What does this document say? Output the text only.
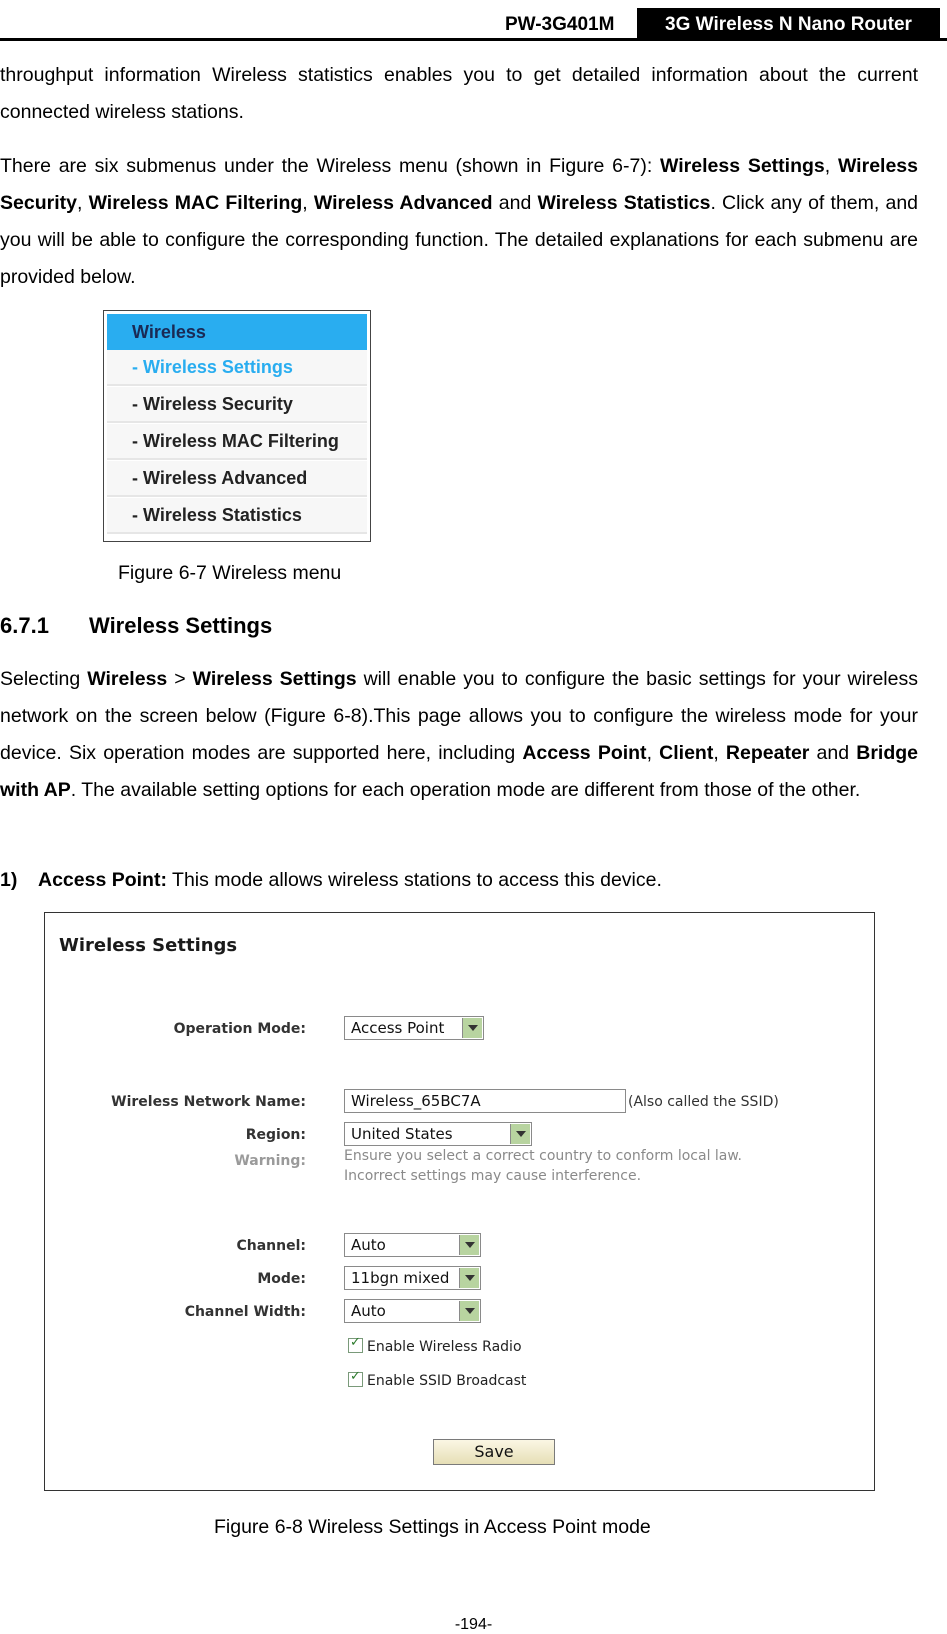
PW-3G401M	3G Wireless N Nano Router

throughput information Wireless statistics enables you to get detailed information about the current connected wireless stations.

There are six submenus under the Wireless menu (shown in Figure 6-7): Wireless Settings, Wireless Security, Wireless MAC Filtering, Wireless Advanced and Wireless Statistics. Click any of them, and you will be able to configure the corresponding function. The detailed explanations for each submenu are provided below.

Wireless
- Wireless Settings
- Wireless Security
- Wireless MAC Filtering
- Wireless Advanced
- Wireless Statistics
Figure 6-7 Wireless menu
6.7.1 Wireless Settings

Selecting Wireless > Wireless Settings will enable you to configure the basic settings for your wireless network on the screen below (Figure 6-8).This page allows you to configure the wireless mode for your device. Six operation modes are supported here, including Access Point, Client, Repeater and Bridge with AP. The available setting options for each operation mode are different from those of the other.

1) Access Point: This mode allows wireless stations to access this device.
Wireless Settings
Operation Mode:	Access Point
Wireless Network Name:	Wireless_65BC7A	(Also called the SSID)
Region:	United States
Warning:	Ensure you select a correct country to conform local law.
Incorrect settings may cause interference.
Channel:	Auto
Mode:	11bgn mixed
Channel Width:	Auto
✓Enable Wireless Radio
✓Enable SSID Broadcast
Save
Figure 6-8 Wireless Settings in Access Point mode
-194-
